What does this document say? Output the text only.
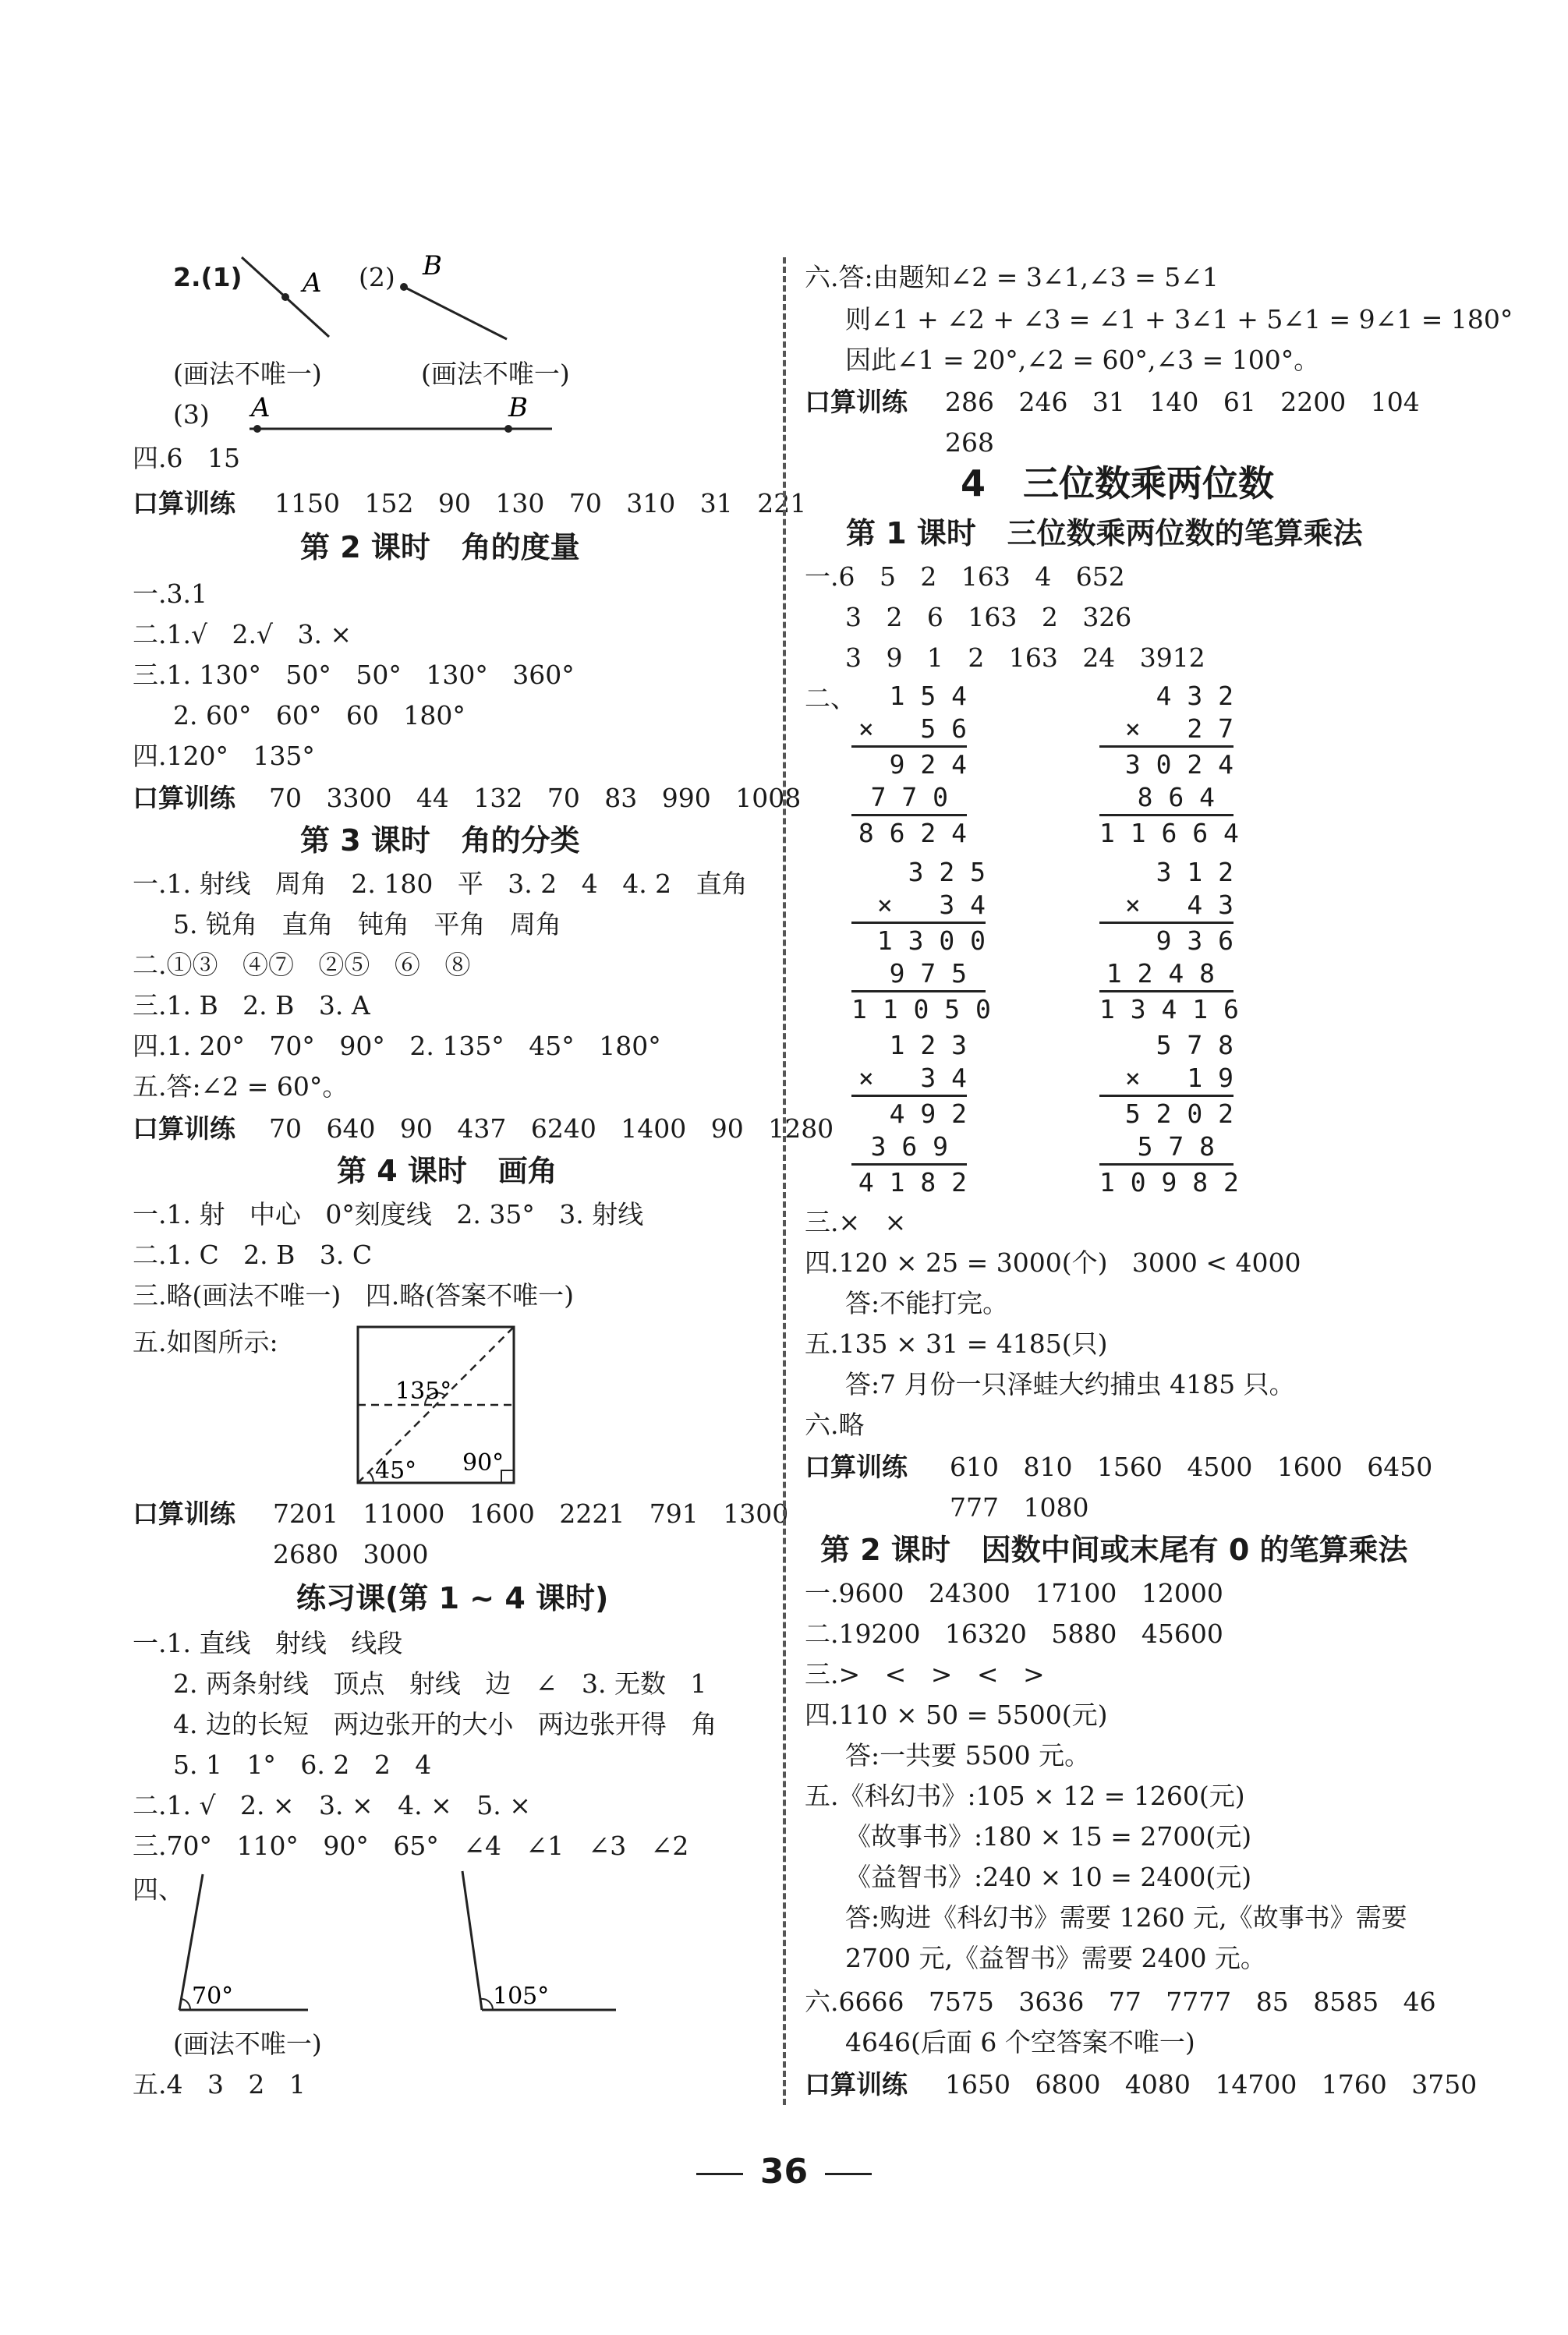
2.(1) A (2) B
(画法不唯一)	(画法不唯一)
(3) A	B
四.6   15
口算训练 1150   152   90   130   70   310   31   221
第 2 课时   角的度量
一.3.1
二.1.√   2.√   3. ×
三.1. 130°   50°   50°   130°   360°
2. 60°   60°   60   180°
四.120°   135°
口算训练 70   3300   44   132   70   83   990   1008
第 3 课时   角的分类
一.1. 射线   周角   2. 180   平   3. 2   4   4. 2   直角
5. 锐角   直角   钝角   平角   周角
二.①③   ④⑦   ②⑤   ⑥   ⑧
三.1. B   2. B   3. A
四.1. 20°   70°   90°   2. 135°   45°   180°
五.答:∠2 = 60°。
口算训练 70   640   90   437   6240   1400   90   1280
第 4 课时   画角
一.1. 射   中心   0°刻度线   2. 35°   3. 射线
二.1. C   2. B   3. C
三.略(画法不唯一)   四.略(答案不唯一)
五.如图所示:
135°
45° 90°
口算训练 7201   11000   1600   2221   791   1300
2680   3000
练习课(第 1 ~ 4 课时)
一.1. 直线   射线   线段
2. 两条射线   顶点   射线   边   ∠   3. 无数   1
4. 边的长短   两边张开的大小   两边张开得   角
5. 1   1°   6. 2   2   4
二.1. √   2. ×   3. ×   4. ×   5. ×
三.70°   110°   90°   65°   ∠4   ∠1   ∠3   ∠2
四、
70°	105°
(画法不唯一)
五.4   3   2   1
六.答:由题知∠2 = 3∠1,∠3 = 5∠1
则∠1 + ∠2 + ∠3 = ∠1 + 3∠1 + 5∠1 = 9∠1 = 180°
因此∠1 = 20°,∠2 = 60°,∠3 = 100°。
口算训练 286   246   31   140   61   2200   104
268
4   三位数乘两位数
第 1 课时   三位数乘两位数的笔算乘法
一.6   5   2   163   4   652
3   2   6   163   2   326
3   9   1   2   163   24   3912
二、	1 5 4
×   5 6
9 2 4
7 7 0
8 6 2 4
4 3 2
×   2 7
3 0 2 4
8 6 4
1 1 6 6 4
3 2 5
×   3 4
1 3 0 0
9 7 5
1 1 0 5 0
3 1 2
×   4 3
9 3 6
1 2 4 8
1 3 4 1 6
1 2 3
×   3 4
4 9 2
3 6 9
4 1 8 2
5 7 8
×   1 9
5 2 0 2
5 7 8
1 0 9 8 2
三.×   ×
四.120 × 25 = 3000(个)   3000 < 4000
答:不能打完。
五.135 × 31 = 4185(只)
答:7 月份一只泽蛙大约捕虫 4185 只。
六.略
口算训练 610   810   1560   4500   1600   6450
777   1080
第 2 课时   因数中间或末尾有 0 的笔算乘法
一.9600   24300   17100   12000
二.19200   16320   5880   45600
三.>   <   >   <   >
四.110 × 50 = 5500(元)
答:一共要 5500 元。
五.《科幻书》:105 × 12 = 1260(元)
《故事书》:180 × 15 = 2700(元)
《益智书》:240 × 10 = 2400(元)
答:购进《科幻书》需要 1260 元,《故事书》需要
2700 元,《益智书》需要 2400 元。
六.6666   7575   3636   77   7777   85   8585   46
4646(后面 6 个空答案不唯一)
口算训练 1650   6800   4080   14700   1760   3750
36
